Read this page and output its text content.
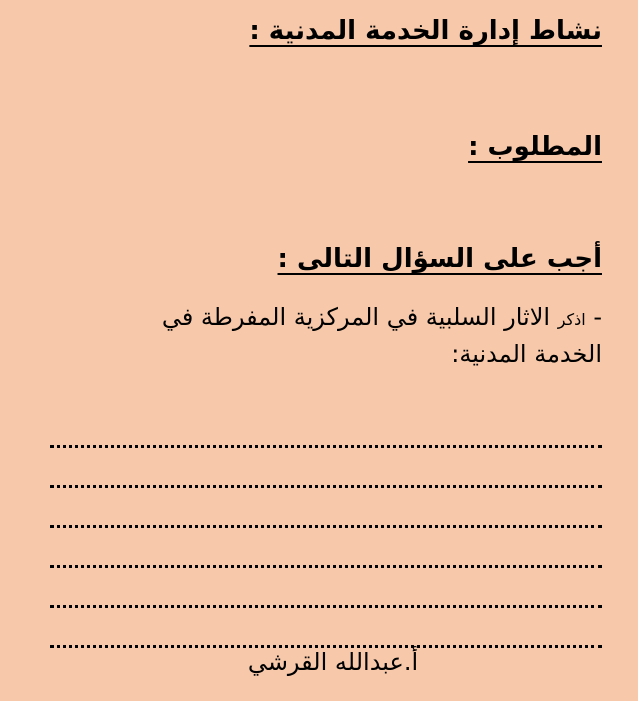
نشاط إدارة الخدمة المدنية :
المطلوب :
أجب على السؤال التالى :
- اذكر الاثار السلبية في المركزية المفرطة في الخدمة المدنية:
أ.عبدالله القرشي
